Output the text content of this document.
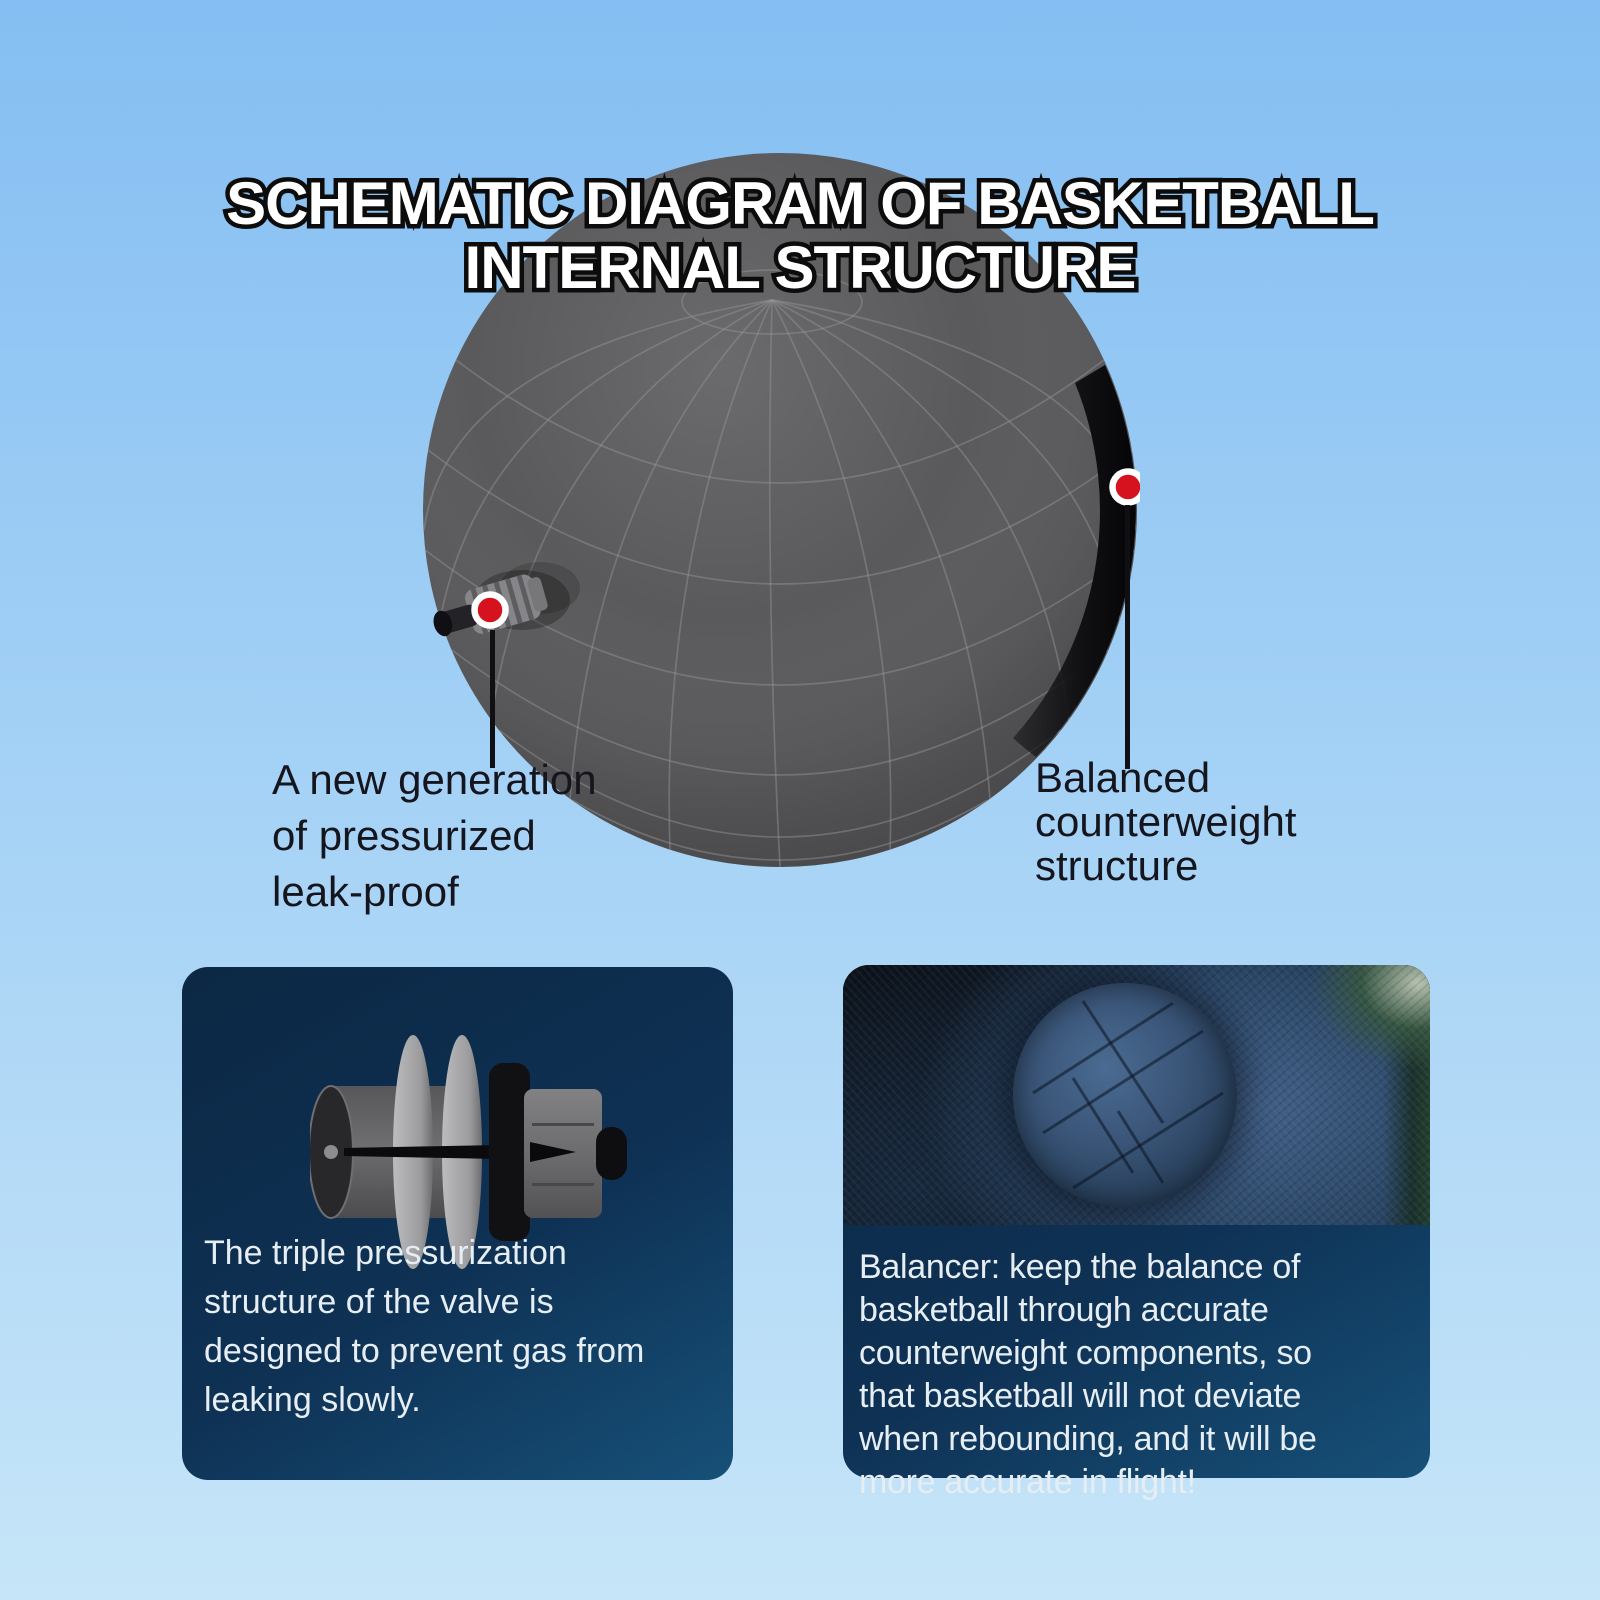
SCHEMATIC DIAGRAM OF BASKETBALL SCHEMATIC DIAGRAM OF BASKETBALL
INTERNAL STRUCTURE INTERNAL STRUCTURE
A new generation
of pressurized
leak-proof
Balanced
counterweight
structure
The triple pressurization
structure of the valve is
designed to prevent gas from
leaking slowly.
Balancer: keep the balance of
basketball through accurate
counterweight components, so
that basketball will not deviate
when rebounding, and it will be
more accurate in flight!
